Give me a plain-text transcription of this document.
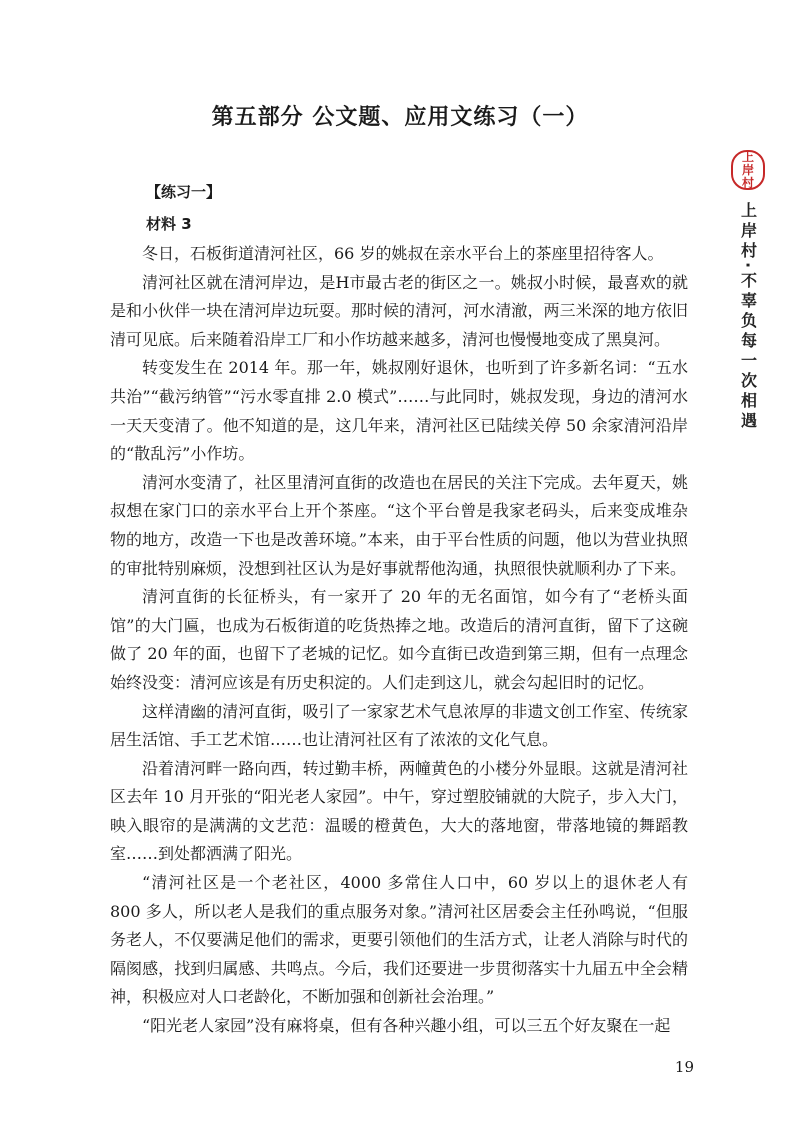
第五部分 公文题、应用文练习（一）
【练习一】
材料 3

冬日，石板街道清河社区，66 岁的姚叔在亲水平台上的茶座里招待客人。

清河社区就在清河岸边，是H市最古老的街区之一。姚叔小时候，最喜欢的就是和小伙伴一块在清河岸边玩耍。那时候的清河，河水清澈，两三米深的地方依旧清可见底。后来随着沿岸工厂和小作坊越来越多，清河也慢慢地变成了黑臭河。

转变发生在 2014 年。那一年，姚叔刚好退休，也听到了许多新名词：“五水共治”“截污纳管”“污水零直排 2.0 模式”……与此同时，姚叔发现，身边的清河水一天天变清了。他不知道的是，这几年来，清河社区已陆续关停 50 余家清河沿岸的“散乱污”小作坊。

清河水变清了，社区里清河直街的改造也在居民的关注下完成。去年夏天，姚叔想在家门口的亲水平台上开个茶座。“这个平台曾是我家老码头，后来变成堆杂物的地方，改造一下也是改善环境。”本来，由于平台性质的问题，他以为营业执照的审批特别麻烦，没想到社区认为是好事就帮他沟通，执照很快就顺利办了下来。

清河直街的长征桥头，有一家开了 20 年的无名面馆，如今有了“老桥头面馆”的大门匾，也成为石板街道的吃货热捧之地。改造后的清河直街，留下了这碗做了 20 年的面，也留下了老城的记忆。如今直街已改造到第三期，但有一点理念始终没变：清河应该是有历史积淀的。人们走到这儿，就会勾起旧时的记忆。

这样清幽的清河直街，吸引了一家家艺术气息浓厚的非遗文创工作室、传统家居生活馆、手工艺术馆……也让清河社区有了浓浓的文化气息。

沿着清河畔一路向西，转过勤丰桥，两幢黄色的小楼分外显眼。这就是清河社区去年 10 月开张的“阳光老人家园”。中午，穿过塑胶铺就的大院子，步入大门，映入眼帘的是满满的文艺范：温暖的橙黄色，大大的落地窗，带落地镜的舞蹈教室……到处都洒满了阳光。

“清河社区是一个老社区，4000 多常住人口中，60 岁以上的退休老人有 800 多人，所以老人是我们的重点服务对象。”清河社区居委会主任孙鸣说，“但服务老人，不仅要满足他们的需求，更要引领他们的生活方式，让老人消除与时代的隔阂感，找到归属感、共鸣点。今后，我们还要进一步贯彻落实十九届五中全会精神，积极应对人口老龄化，不断加强和创新社会治理。”

“阳光老人家园”没有麻将桌，但有各种兴趣小组，可以三五个好友聚在一起

上
岸
村
上岸村·不辜负每一次相遇
19
